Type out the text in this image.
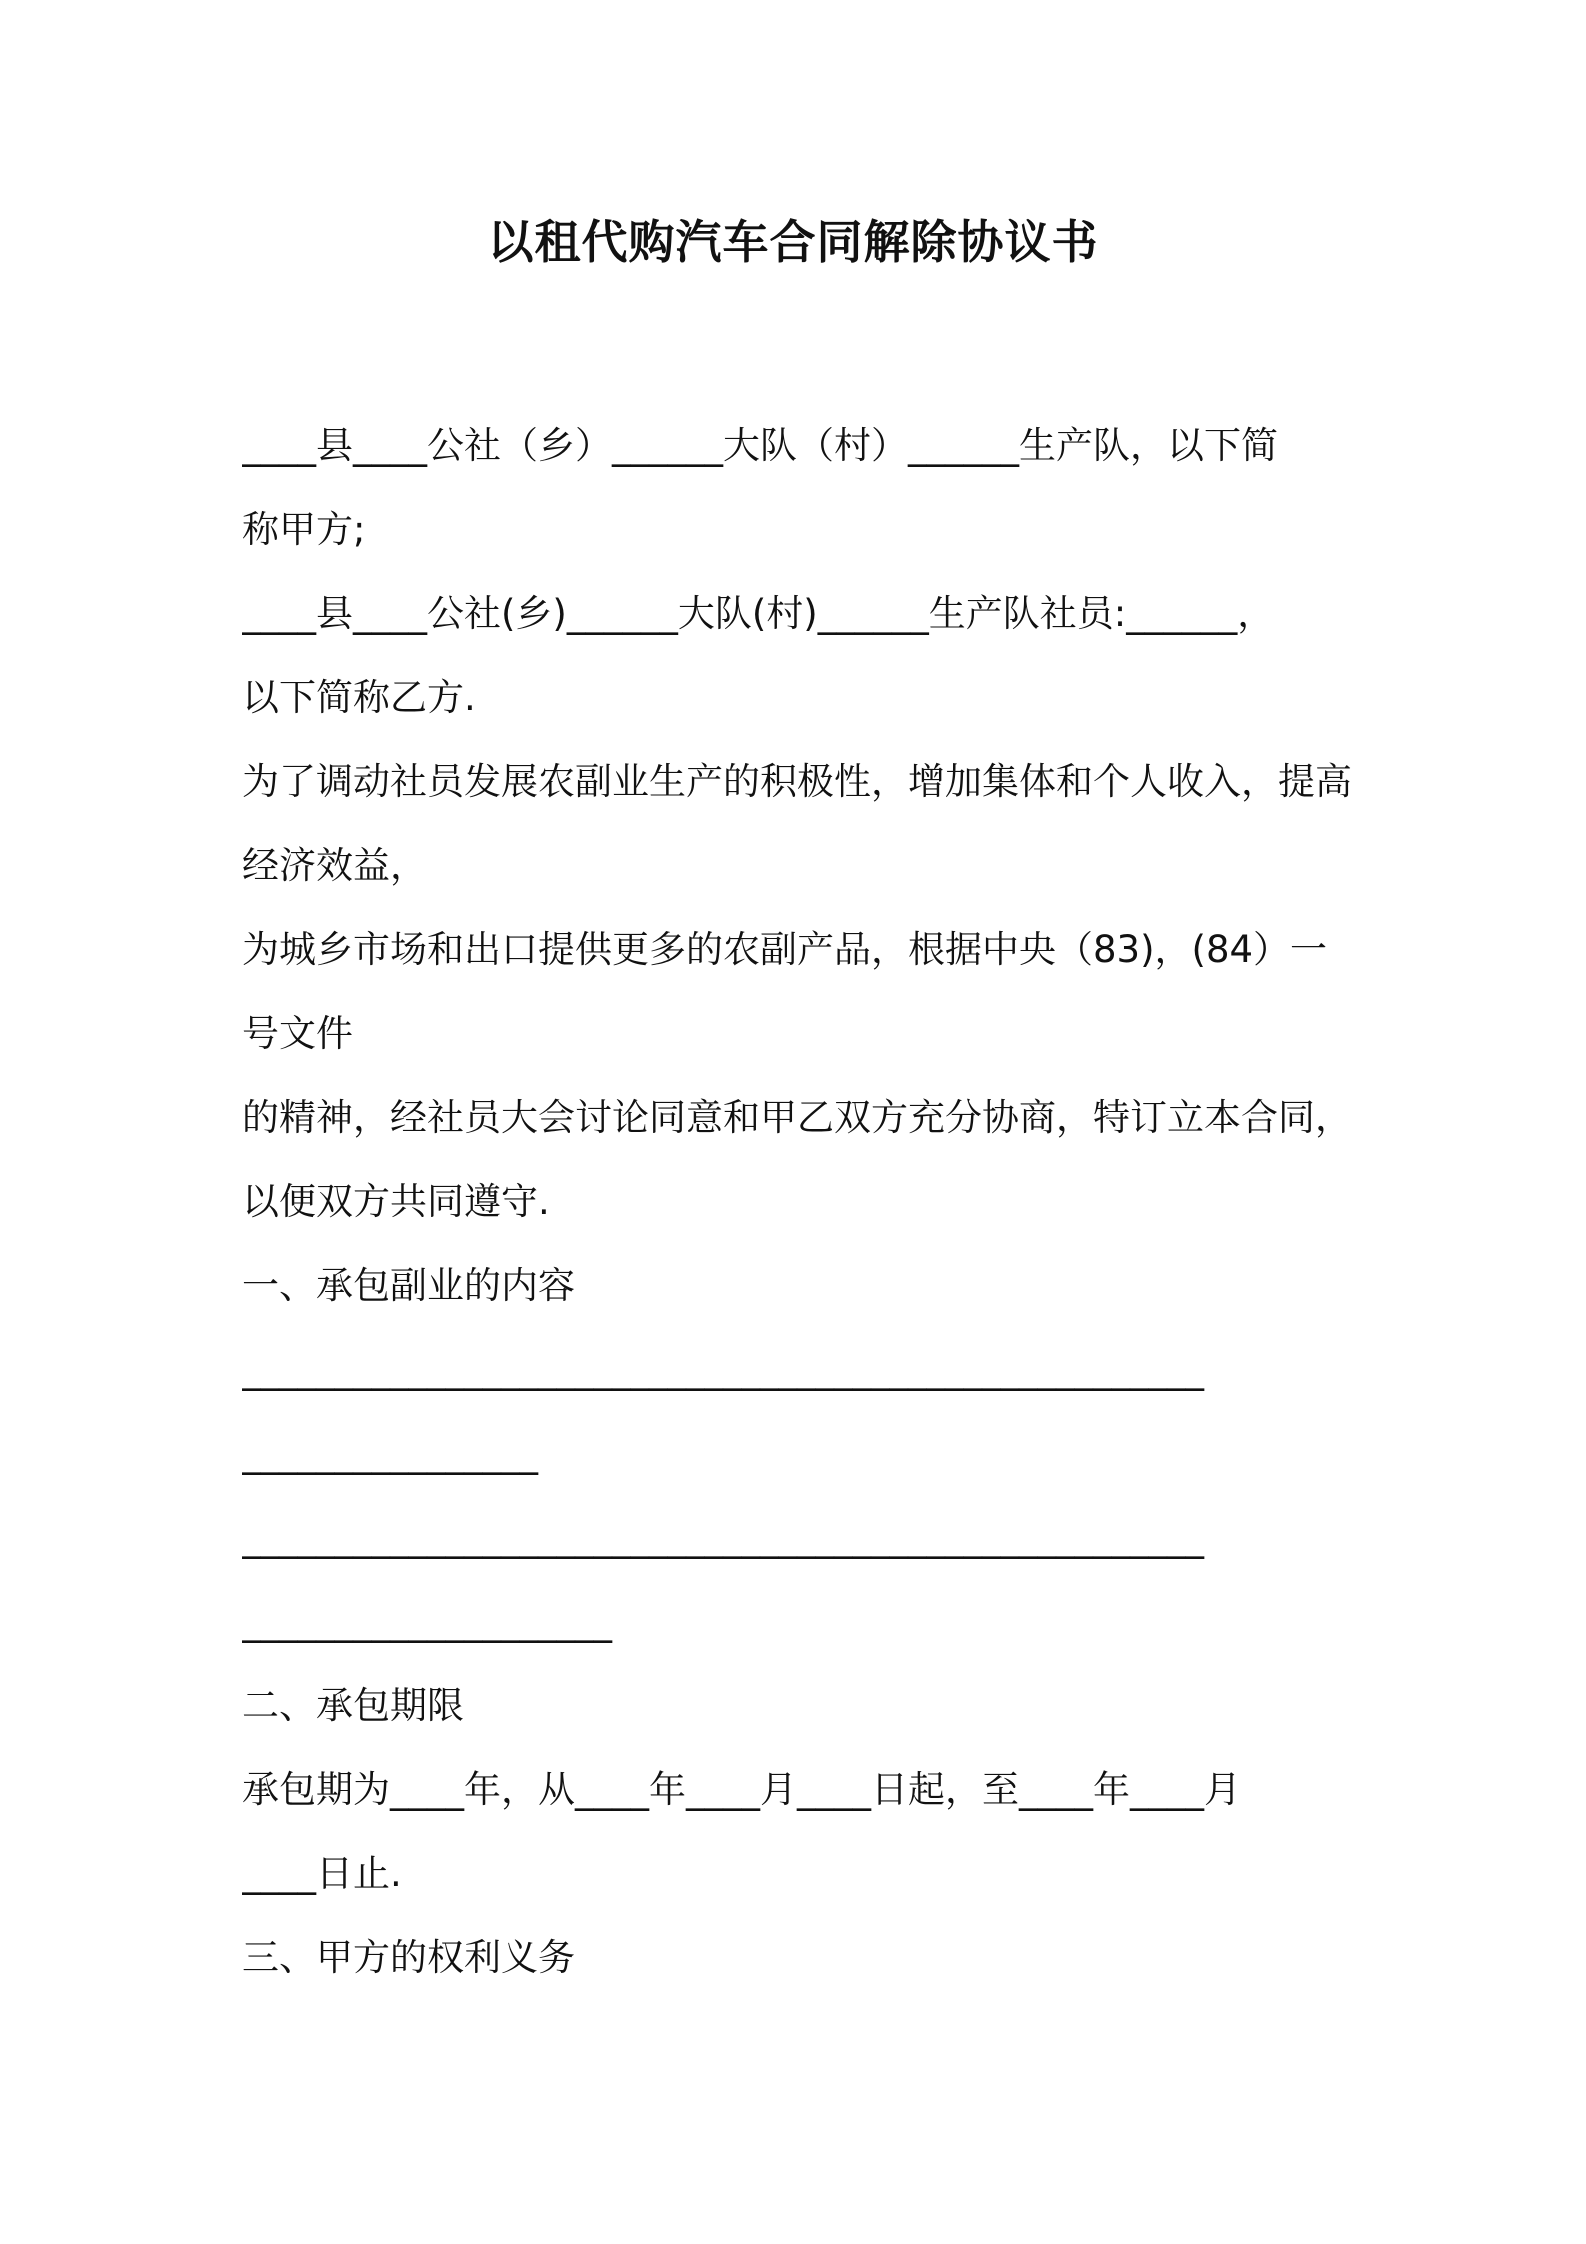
以租代购汽车合同解除协议书
____县____公社（乡）______大队（村）______生产队，以下简
称甲方;
____县____公社(乡)______大队(村)______生产队社员:______，
以下简称乙方.
为了调动社员发展农副业生产的积极性，增加集体和个人收入，提高
经济效益，
为城乡市场和出口提供更多的农副产品，根据中央（83)，(84）一
号文件
的精神，经社员大会讨论同意和甲乙双方充分协商，特订立本合同，
以便双方共同遵守.
一、承包副业的内容
____________________________________________________
________________
____________________________________________________
____________________
二、承包期限
承包期为____年，从____年____月____日起，至____年____月
____日止.
三、甲方的权利义务
